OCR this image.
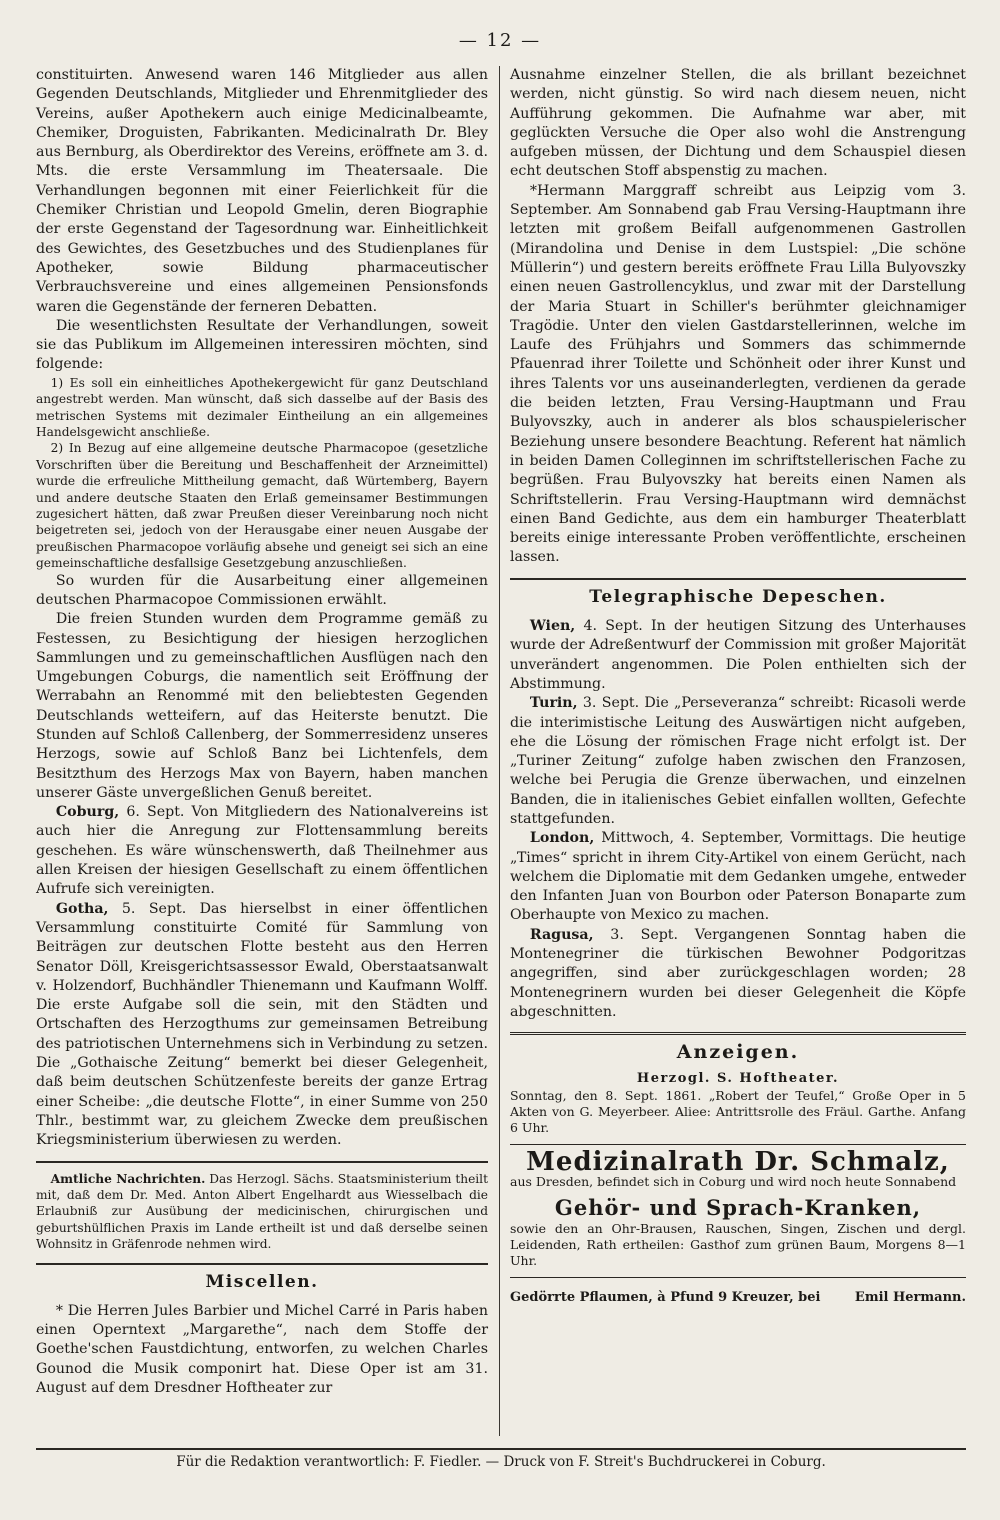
— 12 —

constituirten. Anwesend waren 146 Mitglieder aus allen Gegenden Deutschlands, Mitglieder und Ehrenmitglieder des Vereins, außer Apothekern auch einige Medicinalbeamte, Chemiker, Droguisten, Fabrikanten. Medicinalrath Dr. Bley aus Bernburg, als Oberdirektor des Vereins, eröffnete am 3. d. Mts. die erste Versammlung im Theatersaale. Die Verhandlungen begonnen mit einer Feierlichkeit für die Chemiker Christian und Leopold Gmelin, deren Biographie der erste Gegenstand der Tagesordnung war. Einheitlichkeit des Gewichtes, des Gesetzbuches und des Studienplanes für Apotheker, sowie Bildung pharmaceutischer Verbrauchsvereine und eines allgemeinen Pensionsfonds waren die Gegenstände der ferneren Debatten.

Die wesentlichsten Resultate der Verhandlungen, soweit sie das Publikum im Allgemeinen interessiren möchten, sind folgende:

1) Es soll ein einheitliches Apothekergewicht für ganz Deutschland angestrebt werden. Man wünscht, daß sich dasselbe auf der Basis des metrischen Systems mit dezimaler Eintheilung an ein allgemeines Handelsgewicht anschließe.

2) In Bezug auf eine allgemeine deutsche Pharmacopoe (gesetzliche Vorschriften über die Bereitung und Beschaffenheit der Arzneimittel) wurde die erfreuliche Mittheilung gemacht, daß Würtemberg, Bayern und andere deutsche Staaten den Erlaß gemeinsamer Bestimmungen zugesichert hätten, daß zwar Preußen dieser Vereinbarung noch nicht beigetreten sei, jedoch von der Herausgabe einer neuen Ausgabe der preußischen Pharmacopoe vorläufig absehe und geneigt sei sich an eine gemeinschaftliche desfallsige Gesetzgebung anzuschließen.

So wurden für die Ausarbeitung einer allgemeinen deutschen Pharmacopoe Commissionen erwählt.

Die freien Stunden wurden dem Programme gemäß zu Festessen, zu Besichtigung der hiesigen herzoglichen Sammlungen und zu gemeinschaftlichen Ausflügen nach den Umgebungen Coburgs, die namentlich seit Eröffnung der Werrabahn an Renommé mit den beliebtesten Gegenden Deutschlands wetteifern, auf das Heiterste benutzt. Die Stunden auf Schloß Callenberg, der Sommerresidenz unseres Herzogs, sowie auf Schloß Banz bei Lichtenfels, dem Besitzthum des Herzogs Max von Bayern, haben manchen unserer Gäste unvergeßlichen Genuß bereitet.

Coburg, 6. Sept. Von Mitgliedern des Nationalvereins ist auch hier die Anregung zur Flottensammlung bereits geschehen. Es wäre wünschenswerth, daß Theilnehmer aus allen Kreisen der hiesigen Gesellschaft zu einem öffentlichen Aufrufe sich vereinigten.

Gotha, 5. Sept. Das hierselbst in einer öffentlichen Versammlung constituirte Comité für Sammlung von Beiträgen zur deutschen Flotte besteht aus den Herren Senator Döll, Kreisgerichtsassessor Ewald, Oberstaatsanwalt v. Holzendorf, Buchhändler Thienemann und Kaufmann Wolff. Die erste Aufgabe soll die sein, mit den Städten und Ortschaften des Herzogthums zur gemeinsamen Betreibung des patriotischen Unternehmens sich in Verbindung zu setzen. Die „Gothaische Zeitung“ bemerkt bei dieser Gelegenheit, daß beim deutschen Schützenfeste bereits der ganze Ertrag einer Scheibe: „die deutsche Flotte“, in einer Summe von 250 Thlr., bestimmt war, zu gleichem Zwecke dem preußischen Kriegsministerium überwiesen zu werden.

Amtliche Nachrichten. Das Herzogl. Sächs. Staatsministerium theilt mit, daß dem Dr. Med. Anton Albert Engelhardt aus Wiesselbach die Erlaubniß zur Ausübung der medicinischen, chirurgischen und geburtshülflichen Praxis im Lande ertheilt ist und daß derselbe seinen Wohnsitz in Gräfenrode nehmen wird.

Miscellen.

* Die Herren Jules Barbier und Michel Carré in Paris haben einen Operntext „Margarethe“, nach dem Stoffe der Goethe'schen Faustdichtung, entworfen, zu welchen Charles Gounod die Musik componirt hat. Diese Oper ist am 31. August auf dem Dresdner Hoftheater zur

Ausnahme einzelner Stellen, die als brillant bezeichnet werden, nicht günstig. So wird nach diesem neuen, nicht Aufführung gekommen. Die Aufnahme war aber, mit geglückten Versuche die Oper also wohl die Anstrengung aufgeben müssen, der Dichtung und dem Schauspiel diesen echt deutschen Stoff abspenstig zu machen.

*Hermann Marggraff schreibt aus Leipzig vom 3. September. Am Sonnabend gab Frau Versing-Hauptmann ihre letzten mit großem Beifall aufgenommenen Gastrollen (Mirandolina und Denise in dem Lustspiel: „Die schöne Müllerin“) und gestern bereits eröffnete Frau Lilla Bulyovszky einen neuen Gastrollencyklus, und zwar mit der Darstellung der Maria Stuart in Schiller's berühmter gleichnamiger Tragödie. Unter den vielen Gastdarstellerinnen, welche im Laufe des Frühjahrs und Sommers das schimmernde Pfauenrad ihrer Toilette und Schönheit oder ihrer Kunst und ihres Talents vor uns auseinanderlegten, verdienen da gerade die beiden letzten, Frau Versing-Hauptmann und Frau Bulyovszky, auch in anderer als blos schauspielerischer Beziehung unsere besondere Beachtung. Referent hat nämlich in beiden Damen Colleginnen im schriftstellerischen Fache zu begrüßen. Frau Bulyovszky hat bereits einen Namen als Schriftstellerin. Frau Versing-Hauptmann wird demnächst einen Band Gedichte, aus dem ein hamburger Theaterblatt bereits einige interessante Proben veröffentlichte, erscheinen lassen.

Telegraphische Depeschen.

Wien, 4. Sept. In der heutigen Sitzung des Unterhauses wurde der Adreßentwurf der Commission mit großer Majorität unverändert angenommen. Die Polen enthielten sich der Abstimmung.

Turin, 3. Sept. Die „Perseveranza“ schreibt: Ricasoli werde die interimistische Leitung des Auswärtigen nicht aufgeben, ehe die Lösung der römischen Frage nicht erfolgt ist. Der „Turiner Zeitung“ zufolge haben zwischen den Franzosen, welche bei Perugia die Grenze überwachen, und einzelnen Banden, die in italienisches Gebiet einfallen wollten, Gefechte stattgefunden.

London, Mittwoch, 4. September, Vormittags. Die heutige „Times“ spricht in ihrem City-Artikel von einem Gerücht, nach welchem die Diplomatie mit dem Gedanken umgehe, entweder den Infanten Juan von Bourbon oder Paterson Bonaparte zum Oberhaupte von Mexico zu machen.

Ragusa, 3. Sept. Vergangenen Sonntag haben die Montenegriner die türkischen Bewohner Podgoritzas angegriffen, sind aber zurückgeschlagen worden; 28 Montenegrinern wurden bei dieser Gelegenheit die Köpfe abgeschnitten.

Anzeigen.
Herzogl. S. Hoftheater.

Sonntag, den 8. Sept. 1861. „Robert der Teufel,“ Große Oper in 5 Akten von G. Meyerbeer. Aliee: Antrittsrolle des Fräul. Garthe. Anfang 6 Uhr.

Medizinalrath Dr. Schmalz,

aus Dresden, befindet sich in Coburg und wird noch heute Sonnabend

Gehör- und Sprach-Kranken,

sowie den an Ohr-Brausen, Rauschen, Singen, Zischen und dergl. Leidenden, Rath ertheilen: Gasthof zum grünen Baum, Morgens 8—1 Uhr.

Gedörrte Pflaumen, à Pfund 9 Kreuzer, bei	Emil Hermann.
Für die Redaktion verantwortlich: F. Fiedler. — Druck von F. Streit's Buchdruckerei in Coburg.
